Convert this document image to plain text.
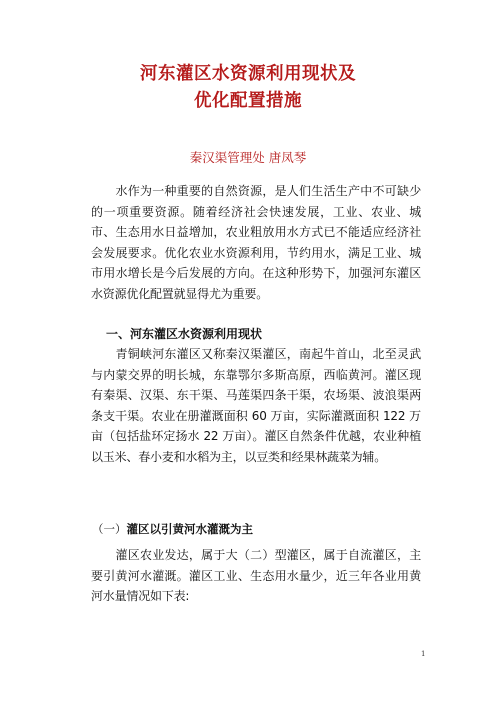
河东灌区水资源利用现状及
优化配置措施
秦汉渠管理处 唐凤琴
　　水作为一种重要的自然资源，是人们生活生产中不可缺少的一项重要资源。随着经济社会快速发展，工业、农业、城市、生态用水日益增加，农业粗放用水方式已不能适应经济社会发展要求。优化农业水资源利用，节约用水，满足工业、城市用水增长是今后发展的方向。在这种形势下，加强河东灌区水资源优化配置就显得尤为重要。
一、河东灌区水资源利用现状
　　青铜峡河东灌区又称秦汉渠灌区，南起牛首山，北至灵武与内蒙交界的明长城，东靠鄂尔多斯高原，西临黄河。灌区现有秦渠、汉渠、东干渠、马莲渠四条干渠，农场渠、波浪渠两条支干渠。农业在册灌溉面积 60 万亩，实际灌溉面积 122 万亩（包括盐环定扬水 22 万亩）。灌区自然条件优越，农业种植以玉米、春小麦和水稻为主，以豆类和经果林蔬菜为辅。
（一）灌区以引黄河水灌溉为主
　　灌区农业发达，属于大（二）型灌区，属于自流灌区，主要引黄河水灌溉。灌区工业、生态用水量少，近三年各业用黄河水量情况如下表:
1
